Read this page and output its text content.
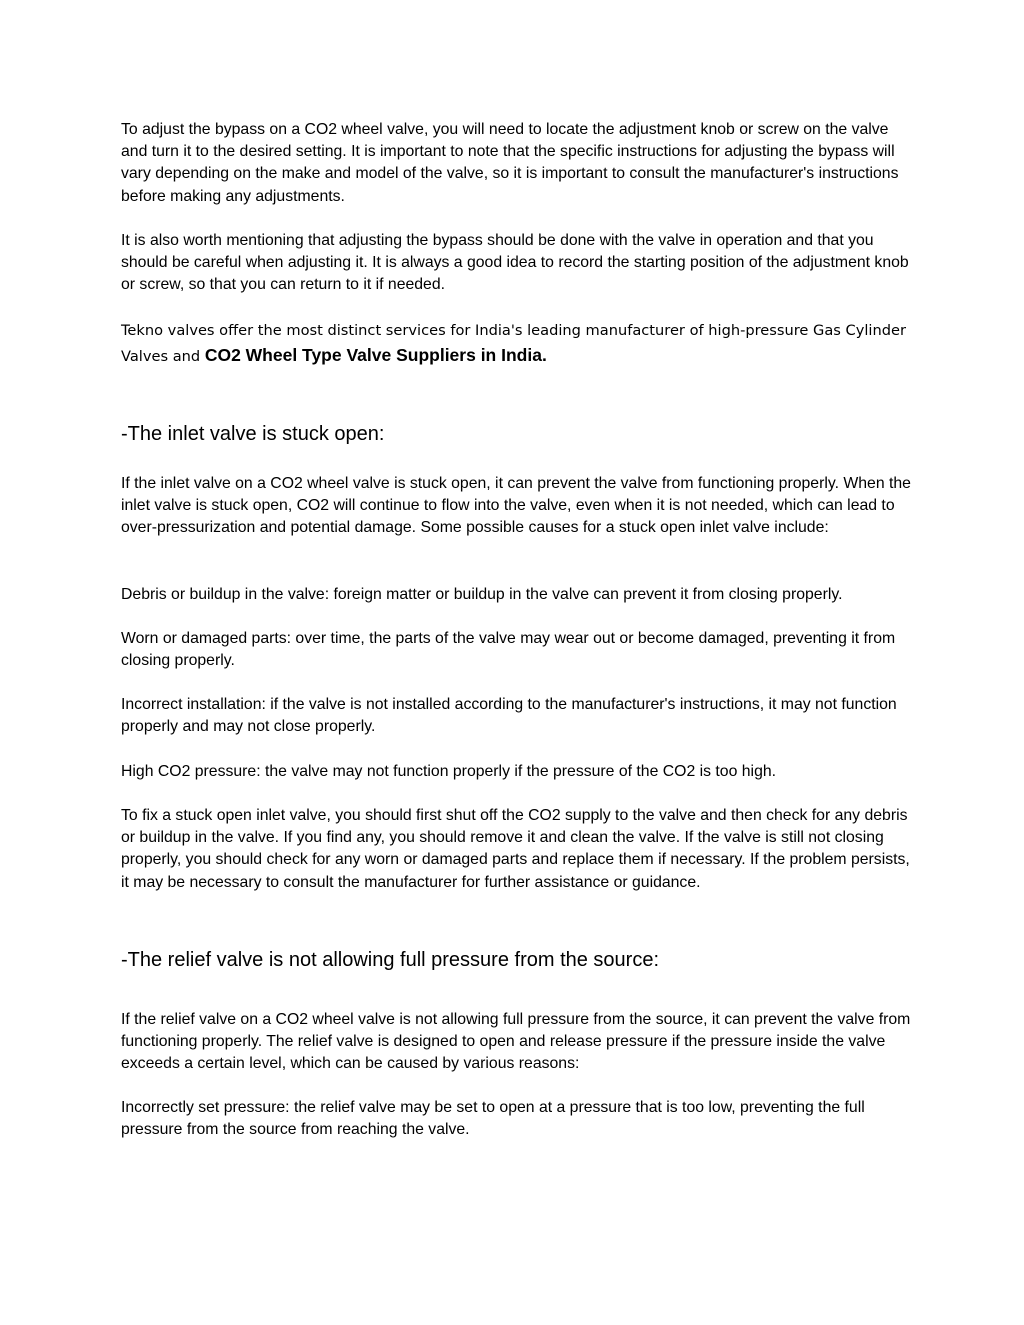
To adjust the bypass on a CO2 wheel valve, you will need to locate the adjustment knob or screw on the valve and turn it to the desired setting. It is important to note that the specific instructions for adjusting the bypass will vary depending on the make and model of the valve, so it is important to consult the manufacturer's instructions before making any adjustments.

It is also worth mentioning that adjusting the bypass should be done with the valve in operation and that you should be careful when adjusting it. It is always a good idea to record the starting position of the adjustment knob or screw, so that you can return to it if needed.

Tekno valves offer the most distinct services for India's leading manufacturer of high-pressure Gas Cylinder Valves and CO2 Wheel Type Valve Suppliers in India.

-The inlet valve is stuck open:

If the inlet valve on a CO2 wheel valve is stuck open, it can prevent the valve from functioning properly. When the inlet valve is stuck open, CO2 will continue to flow into the valve, even when it is not needed, which can lead to over-pressurization and potential damage. Some possible causes for a stuck open inlet valve include:

Debris or buildup in the valve: foreign matter or buildup in the valve can prevent it from closing properly.

Worn or damaged parts: over time, the parts of the valve may wear out or become damaged, preventing it from closing properly.

Incorrect installation: if the valve is not installed according to the manufacturer's instructions, it may not function properly and may not close properly.

High CO2 pressure: the valve may not function properly if the pressure of the CO2 is too high.

To fix a stuck open inlet valve, you should first shut off the CO2 supply to the valve and then check for any debris or buildup in the valve. If you find any, you should remove it and clean the valve. If the valve is still not closing properly, you should check for any worn or damaged parts and replace them if necessary. If the problem persists, it may be necessary to consult the manufacturer for further assistance or guidance.

-The relief valve is not allowing full pressure from the source:

If the relief valve on a CO2 wheel valve is not allowing full pressure from the source, it can prevent the valve from functioning properly. The relief valve is designed to open and release pressure if the pressure inside the valve exceeds a certain level, which can be caused by various reasons:

Incorrectly set pressure: the relief valve may be set to open at a pressure that is too low, preventing the full pressure from the source from reaching the valve.
